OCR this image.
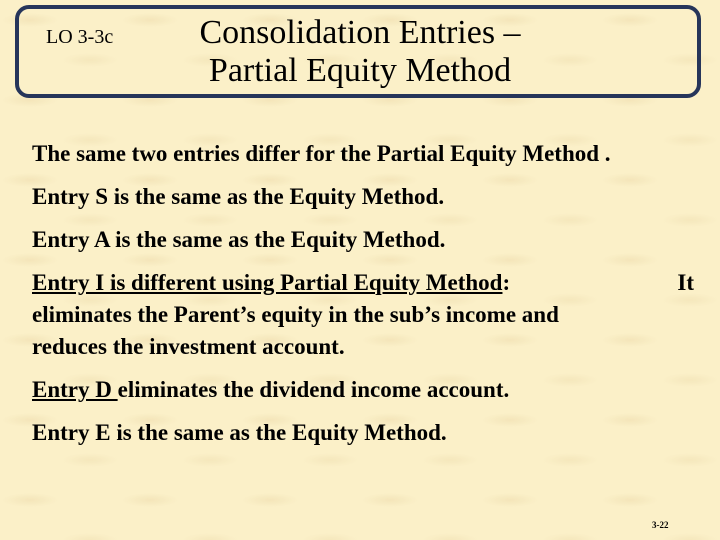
LO 3-3c	Consolidation Entries –
Partial Equity Method

The same two entries differ for the Partial Equity Method .

Entry S is the same as the Equity Method.

Entry A is the same as the Equity Method.

Entry I is different using Partial Equity Method:	It
eliminates the Parent’s equity in the sub’s income and
reduces the investment account.

Entry D eliminates the dividend income account.

Entry E is the same as the Equity Method.

3-22
